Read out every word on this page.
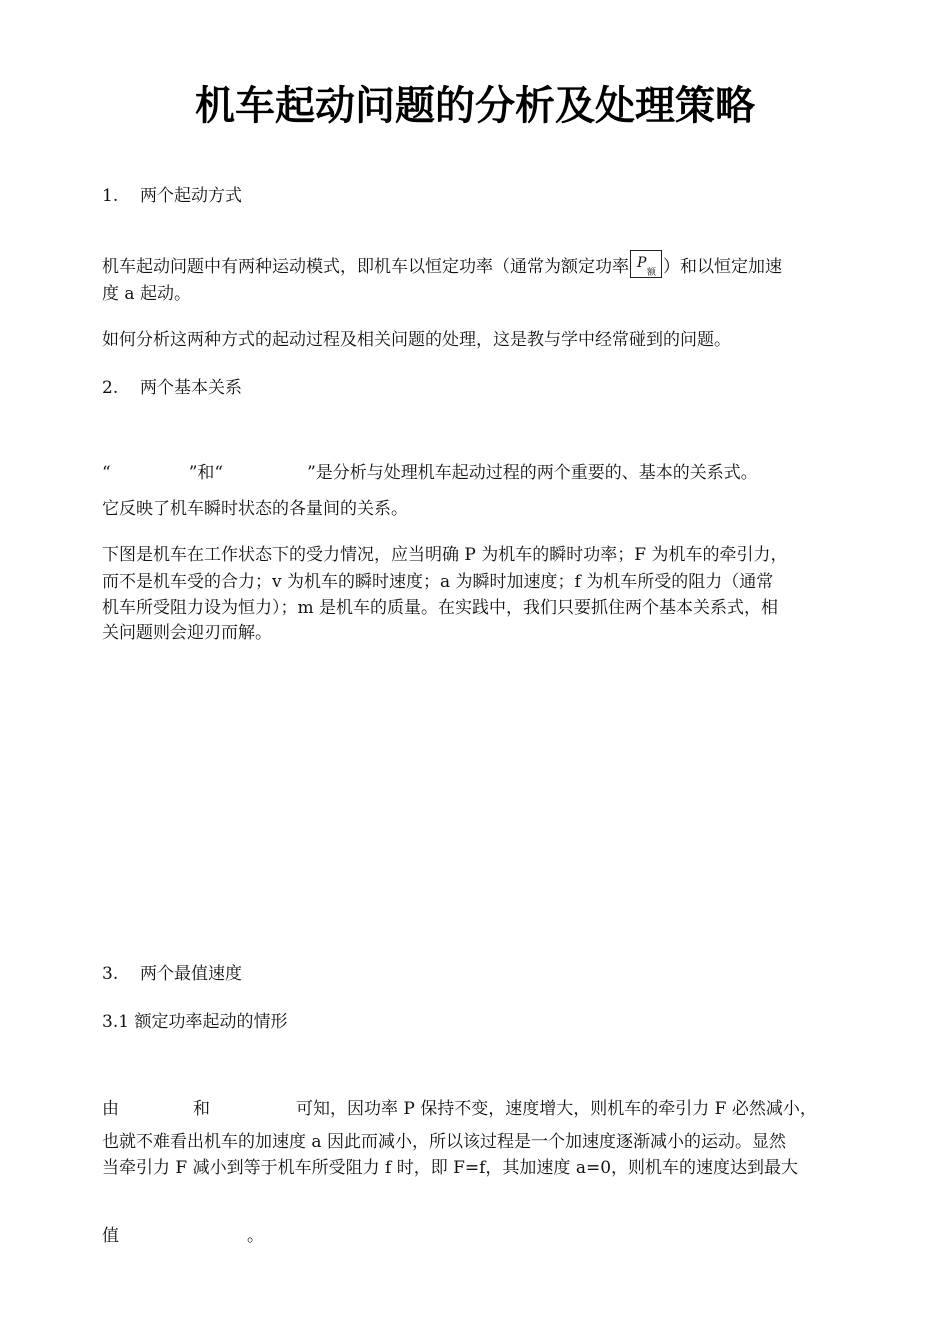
机车起动问题的分析及处理策略
1. 两个起动方式
机车起动问题中有两种运动模式，即机车以恒定功率（通常为额定功率 P
额 ）和以恒定加速
度 a 起动。
如何分析这两种方式的起动过程及相关问题的处理，这是教与学中经常碰到的问题。
2. 两个基本关系
“	”和“	”是分析与处理机车起动过程的两个重要的、基本的关系式。
它反映了机车瞬时状态的各量间的关系。
下图是机车在工作状态下的受力情况，应当明确 P 为机车的瞬时功率；F 为机车的牵引力，
而不是机车受的合力；v 为机车的瞬时速度；a 为瞬时加速度；f 为机车所受的阻力（通常
机车所受阻力设为恒力）；m 是机车的质量。在实践中，我们只要抓住两个基本关系式，相
关问题则会迎刃而解。
3. 两个最值速度
3.1 额定功率起动的情形
由	和	可知，因功率 P 保持不变，速度增大，则机车的牵引力 F 必然减小，
也就不难看出机车的加速度 a 因此而减小，所以该过程是一个加速度逐渐减小的运动。显然
当牵引力 F 减小到等于机车所受阻力 f 时，即 F=f，其加速度 a=0，则机车的速度达到最大
值	。
